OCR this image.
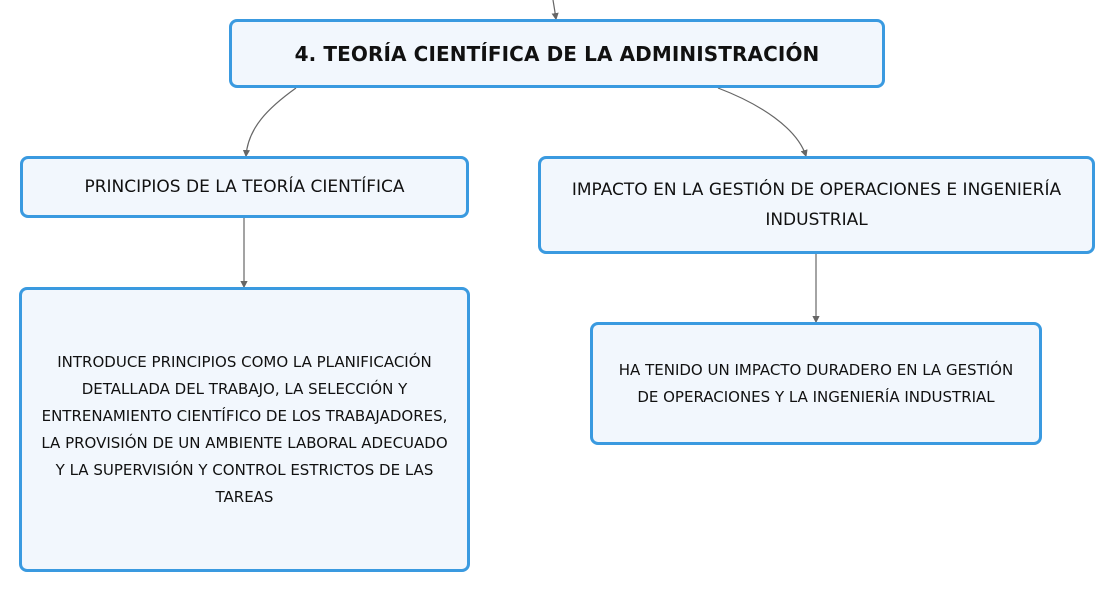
4. TEORÍA CIENTÍFICA DE LA ADMINISTRACIÓN
PRINCIPIOS DE LA TEORÍA CIENTÍFICA	IMPACTO EN LA GESTIÓN DE OPERACIONES E INGENIERÍA INDUSTRIAL
INTRODUCE PRINCIPIOS COMO LA PLANIFICACIÓN DETALLADA DEL TRABAJO, LA SELECCIÓN Y ENTRENAMIENTO CIENTÍFICO DE LOS TRABAJADORES, LA PROVISIÓN DE UN AMBIENTE LABORAL ADECUADO Y LA SUPERVISIÓN Y CONTROL ESTRICTOS DE LAS TAREAS
HA TENIDO UN IMPACTO DURADERO EN LA GESTIÓN DE OPERACIONES Y LA INGENIERÍA INDUSTRIAL
